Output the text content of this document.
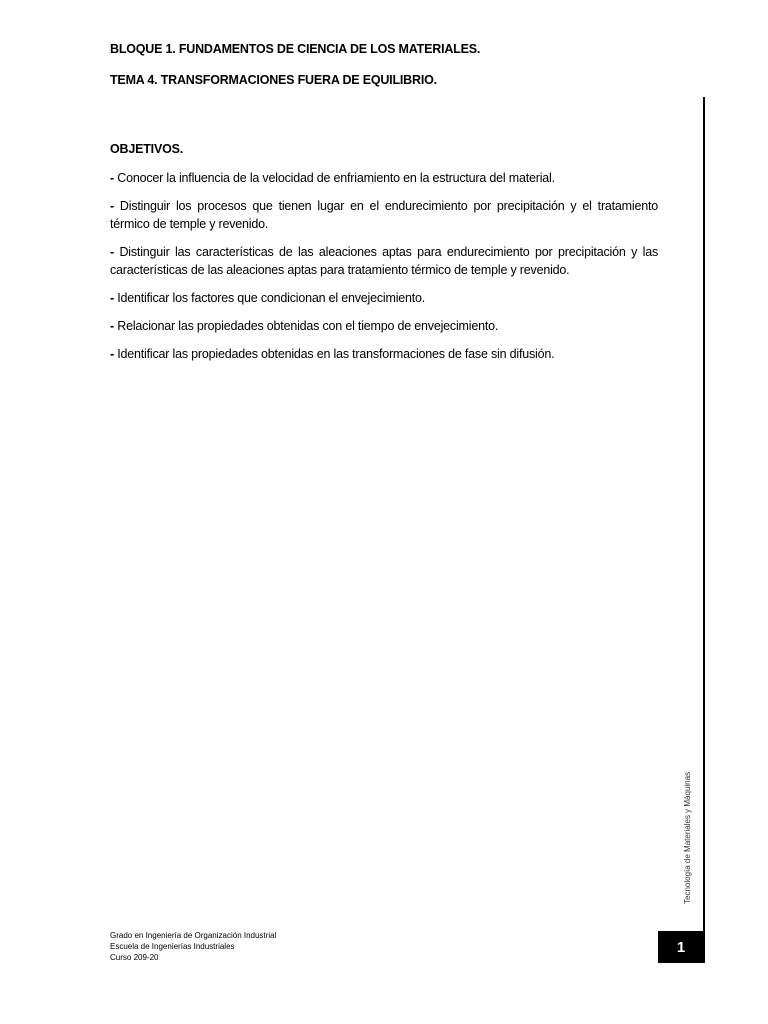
BLOQUE 1. FUNDAMENTOS DE CIENCIA DE LOS MATERIALES.
TEMA 4. TRANSFORMACIONES FUERA DE EQUILIBRIO.
OBJETIVOS.
- Conocer la influencia de la velocidad de enfriamiento en la estructura del material.
- Distinguir los procesos que tienen lugar en el endurecimiento por precipitación y el tratamiento térmico de temple y revenido.
- Distinguir las características de las aleaciones aptas para endurecimiento por precipitación y las características de las aleaciones aptas para tratamiento térmico de temple y revenido.
- Identificar los factores que condicionan el envejecimiento.
- Relacionar las propiedades obtenidas con el tiempo de envejecimiento.
- Identificar las propiedades obtenidas en las transformaciones de fase sin difusión.
Tecnología de Materiales y Máquinas
1
Grado en Ingeniería de Organización Industrial
Escuela de Ingenierías Industriales
Curso 209-20
